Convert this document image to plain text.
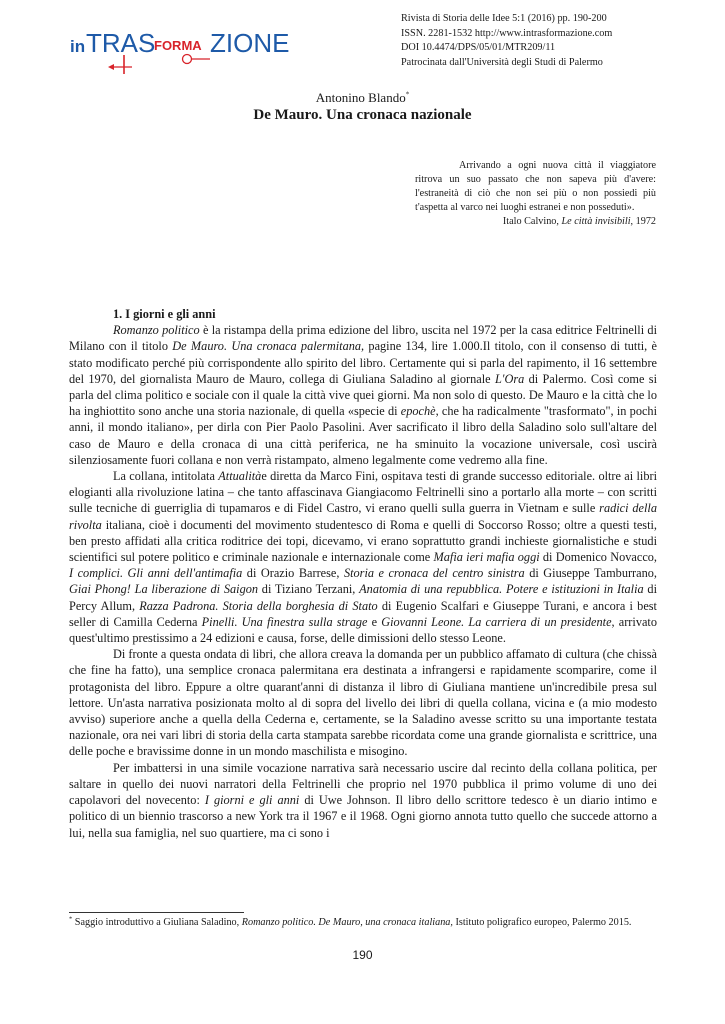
in TRAS
FORMA ZIONE
Rivista di Storia delle Idee 5:1 (2016) pp. 190-200
ISSN. 2281-1532 http://www.intrasformazione.com
DOI 10.4474/DPS/05/01/MTR209/11
Patrocinata dall'Università degli Studi di Palermo
Antonino Blando*
De Mauro. Una cronaca nazionale
Arrivando a ogni nuova città il viaggiatore ritrova un suo passato che non sapeva più d'avere: l'estraneità di ciò che non sei più o non possiedi più t'aspetta al varco nei luoghi estranei e non posseduti».
Italo Calvino, Le città invisibili, 1972
1. I giorni e gli anni

Romanzo politico è la ristampa della prima edizione del libro, uscita nel 1972 per la casa editrice Feltrinelli di Milano con il titolo De Mauro. Una cronaca palermitana, pagine 134, lire 1.000.Il titolo, con il consenso di tutti, è stato modificato perché più corrispondente allo spirito del libro. Certamente qui si parla del rapimento, il 16 settembre del 1970, del giornalista Mauro de Mauro, collega di Giuliana Saladino al giornale L'Ora di Palermo. Così come si parla del clima politico e sociale con il quale la città vive quei giorni. Ma non solo di questo. De Mauro e la città che lo ha inghiottito sono anche una storia nazionale, di quella «specie di epochè, che ha radicalmente "trasformato", in pochi anni, il mondo italiano», per dirla con Pier Paolo Pasolini. Aver sacrificato il libro della Saladino solo sull'altare del caso de Mauro e della cronaca di una città periferica, ne ha sminuito la vocazione universale, così uscirà silenziosamente fuori collana e non verrà ristampato, almeno legalmente come vedremo alla fine.

La collana, intitolata Attualitàe diretta da Marco Fini, ospitava testi di grande successo editoriale. oltre ai libri elogianti alla rivoluzione latina – che tanto affascinava Giangiacomo Feltrinelli sino a portarlo alla morte – con scritti sulle tecniche di guerriglia di tupamaros e di Fidel Castro, vi erano quelli sulla guerra in Vietnam e sulle radici della rivolta italiana, cioè i documenti del movimento studentesco di Roma e quelli di Soccorso Rosso; oltre a questi testi, ben presto affidati alla critica roditrice dei topi, dicevamo, vi erano soprattutto grandi inchieste giornalistiche e studi scientifici sul potere politico e criminale nazionale e internazionale come Mafia ieri mafia oggi di Domenico Novacco, I complici. Gli anni dell'antimafia di Orazio Barrese, Storia e cronaca del centro sinistra di Giuseppe Tamburrano, Giai Phong! La liberazione di Saigon di Tiziano Terzani, Anatomia di una repubblica. Potere e istituzioni in Italia di Percy Allum, Razza Padrona. Storia della borghesia di Stato di Eugenio Scalfari e Giuseppe Turani, e ancora i best seller di Camilla Cederna Pinelli. Una finestra sulla strage e Giovanni Leone. La carriera di un presidente, arrivato quest'ultimo prestissimo a 24 edizioni e causa, forse, delle dimissioni dello stesso Leone.

Di fronte a questa ondata di libri, che allora creava la domanda per un pubblico affamato di cultura (che chissà che fine ha fatto), una semplice cronaca palermitana era destinata a infrangersi e rapidamente scomparire, come il protagonista del libro. Eppure a oltre quarant'anni di distanza il libro di Giuliana mantiene un'incredibile presa sul lettore. Un'asta narrativa posizionata molto al di sopra del livello dei libri di quella collana, vicina e (a mio modesto avviso) superiore anche a quella della Cederna e, certamente, se la Saladino avesse scritto su una importante testata nazionale, ora nei vari libri di storia della carta stampata sarebbe ricordata come una grande giornalista e scrittrice, una delle poche e bravissime donne in un mondo maschilista e misogino.

Per imbattersi in una simile vocazione narrativa sarà necessario uscire dal recinto della collana politica, per saltare in quello dei nuovi narratori della Feltrinelli che proprio nel 1970 pubblica il primo volume di uno dei capolavori del novecento: I giorni e gli anni di Uwe Johnson. Il libro dello scrittore tedesco è un diario intimo e politico di un biennio trascorso a new York tra il 1967 e il 1968. Ogni giorno annota tutto quello che succede attorno a lui, nella sua famiglia, nel suo quartiere, ma ci sono i

* Saggio introduttivo a Giuliana Saladino, Romanzo politico. De Mauro, una cronaca italiana, Istituto poligrafico europeo, Palermo 2015.
190
